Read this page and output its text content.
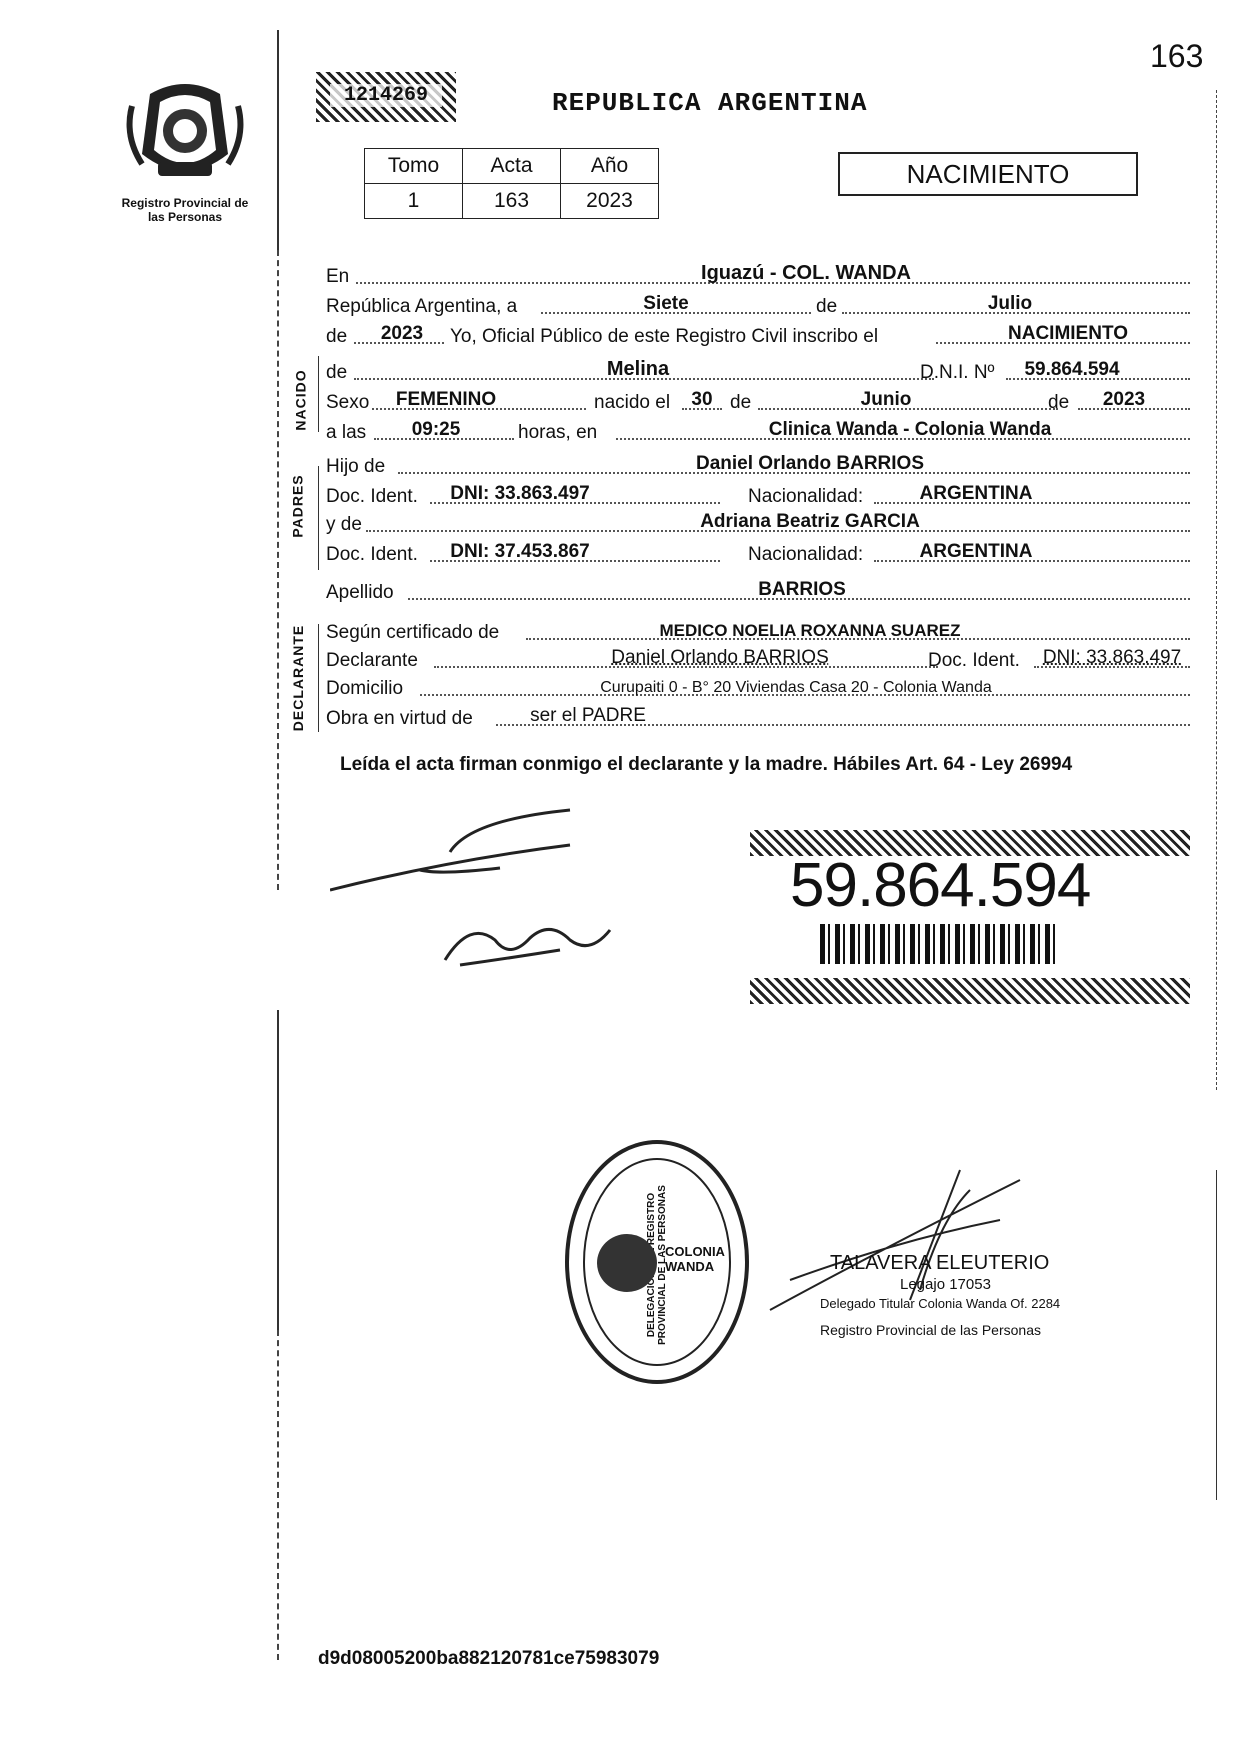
163
Registro Provincial de las Personas
1214269	REPUBLICA ARGENTINA
Tomo	Acta	Año
1	163	2023
NACIMIENTO
NACIDO
PADRES
DECLARANTE
En	Iguazú - COL. WANDA
República Argentina, a	Siete	de	Julio
de 2023 Yo, Oficial Público de este Registro Civil inscribo el	NACIMIENTO
de	Melina	D.N.I. Nº 59.864.594
Sexo FEMENINO	nacido el 30 de	Junio	de 2023
a las 09:25	horas, en	Clinica Wanda - Colonia Wanda
Hijo de	Daniel Orlando BARRIOS
Doc. Ident. DNI: 33.863.497	Nacionalidad:	ARGENTINA
y de	Adriana Beatriz GARCIA
Doc. Ident. DNI: 37.453.867	Nacionalidad:	ARGENTINA
Apellido	BARRIOS
Según certificado de	MEDICO NOELIA ROXANNA SUAREZ
Declarante	Daniel Orlando BARRIOS	Doc. Ident. DNI: 33.863.497
Domicilio	Curupaiti 0 - B° 20 Viviendas Casa 20 - Colonia Wanda
Obra en virtud de	ser el PADRE
Leída el acta firman conmigo el declarante y la madre. Hábiles Art. 64 - Ley 26994
59.864.594
DELEGACION REGISTRO PROVINCIAL DE LAS PERSONAS
COLONIA WANDA	TALAVERA ELEUTERIO
Legajo 17053
Delegado Titular Colonia Wanda Of. 2284
Registro Provincial de las Personas
d9d08005200ba882120781ce75983079
